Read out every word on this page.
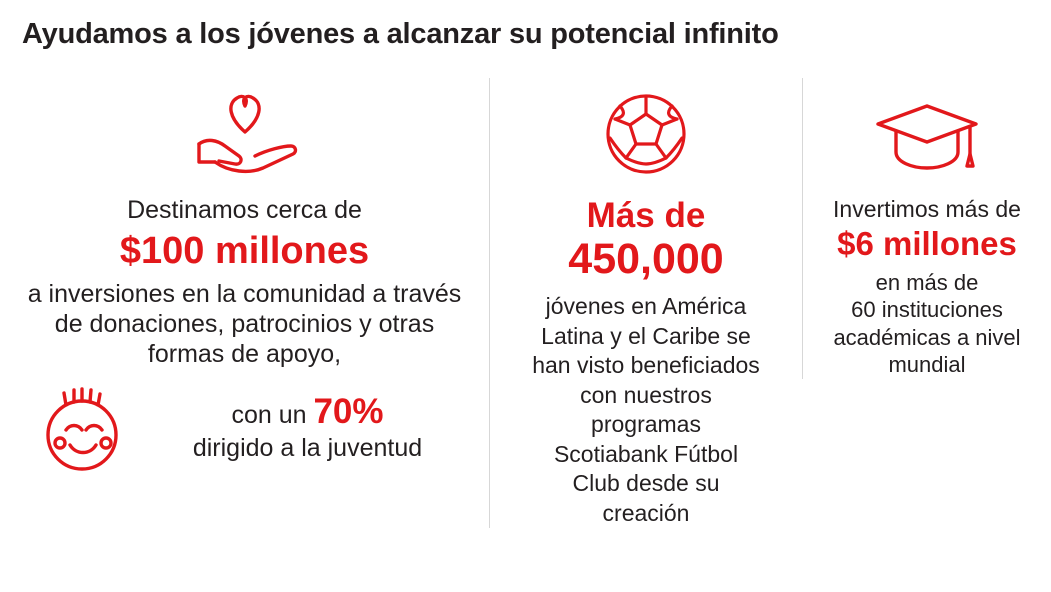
Ayudamos a los jóvenes a alcanzar su potencial infinito
Destinamos cerca de
$100 millones
a inversiones en la comunidad a través
de donaciones, patrocinios y otras
formas de apoyo,
con un 70%
dirigido a la juventud
Más de
450,000
jóvenes en América
Latina y el Caribe se
han visto beneficiados
con nuestros
programas
Scotiabank Fútbol
Club desde su
creación
Invertimos más de
$6 millones
en más de
60 instituciones
académicas a nivel
mundial
